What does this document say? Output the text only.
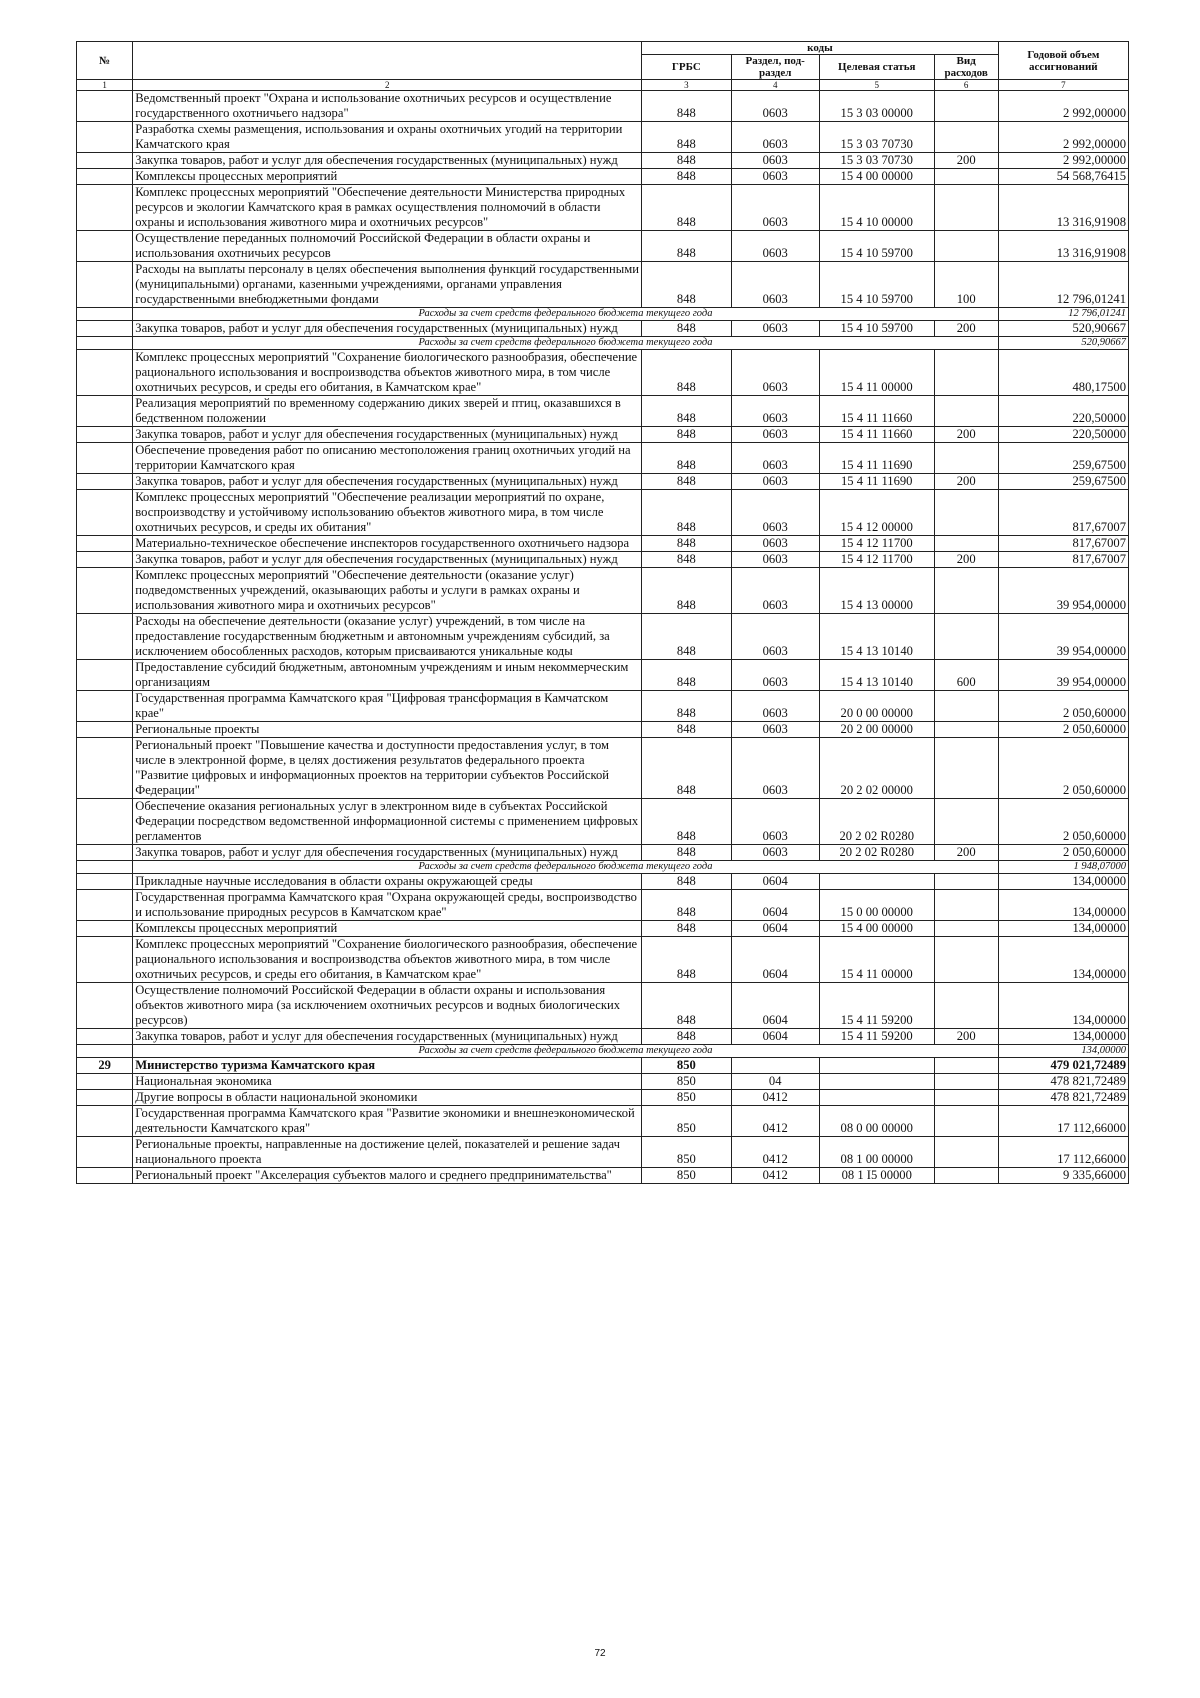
№		коды				Годовой объем ассигнований
		ГРБС	Раздел, под-раздел	Целевая статья	Вид расходов	
1	2	3	4	5	6	7
	Ведомственный проект "Охрана и использование охотничьих ресурсов и осуществление государственного охотничьего надзора"	848	0603	15 3 03 00000		2 992,00000
	Разработка схемы размещения, использования и охраны охотничьих угодий на территории Камчатского края	848	0603	15 3 03 70730		2 992,00000
	Закупка товаров, работ и услуг для обеспечения государственных (муниципальных) нужд	848	0603	15 3 03 70730	200	2 992,00000
	Комплексы процессных мероприятий	848	0603	15 4 00 00000		54 568,76415
	Комплекс процессных мероприятий "Обеспечение деятельности Министерства природных ресурсов и экологии Камчатского края в рамках осуществления полномочий в области охраны и использования животного мира и охотничьих ресурсов"	848	0603	15 4 10 00000		13 316,91908
	Осуществление переданных полномочий Российской Федерации в области охраны и использования охотничьих ресурсов	848	0603	15 4 10 59700		13 316,91908
	Расходы на выплаты персоналу в целях обеспечения выполнения функций государственными (муниципальными) органами, казенными учреждениями, органами управления государственными внебюджетными фондами	848	0603	15 4 10 59700	100	12 796,01241
	Расходы за счет средств федерального бюджета текущего года					12 796,01241
	Закупка товаров, работ и услуг для обеспечения государственных (муниципальных) нужд	848	0603	15 4 10 59700	200	520,90667
	Расходы за счет средств федерального бюджета текущего года					520,90667
	Комплекс процессных мероприятий "Сохранение биологического разнообразия, обеспечение рационального использования и воспроизводства объектов животного мира, в том числе охотничьих ресурсов, и среды его обитания, в Камчатском крае"	848	0603	15 4 11 00000		480,17500
	Реализация мероприятий по временному содержанию диких зверей и птиц, оказавшихся в бедственном положении	848	0603	15 4 11 11660		220,50000
	Закупка товаров, работ и услуг для обеспечения государственных (муниципальных) нужд	848	0603	15 4 11 11660	200	220,50000
	Обеспечение проведения работ по описанию местоположения границ охотничьих угодий на территории Камчатского края	848	0603	15 4 11 11690		259,67500
	Закупка товаров, работ и услуг для обеспечения государственных (муниципальных) нужд	848	0603	15 4 11 11690	200	259,67500
	Комплекс процессных мероприятий "Обеспечение реализации мероприятий по охране, воспроизводству и устойчивому использованию объектов животного мира, в том числе охотничьих ресурсов, и среды их обитания"	848	0603	15 4 12 00000		817,67007
	Материально-техническое обеспечение инспекторов государственного охотничьего надзора	848	0603	15 4 12 11700		817,67007
	Закупка товаров, работ и услуг для обеспечения государственных (муниципальных) нужд	848	0603	15 4 12 11700	200	817,67007
	Комплекс процессных мероприятий "Обеспечение деятельности (оказание услуг) подведомственных учреждений, оказывающих работы и услуги в рамках охраны и использования животного мира и охотничьих ресурсов"	848	0603	15 4 13 00000		39 954,00000
	Расходы на обеспечение деятельности (оказание услуг) учреждений, в том числе на предоставление государственным бюджетным и автономным учреждениям субсидий, за исключением обособленных расходов, которым присваиваются уникальные коды	848	0603	15 4 13 10140		39 954,00000
	Предоставление субсидий бюджетным, автономным учреждениям и иным некоммерческим организациям	848	0603	15 4 13 10140	600	39 954,00000
	Государственная программа Камчатского края "Цифровая трансформация в Камчатском крае"	848	0603	20 0 00 00000		2 050,60000
	Региональные проекты	848	0603	20 2 00 00000		2 050,60000
	Региональный проект "Повышение качества и доступности предоставления услуг, в том числе в электронной форме, в целях достижения результатов федерального проекта "Развитие цифровых и информационных проектов на территории субъектов Российской Федерации"	848	0603	20 2 02 00000		2 050,60000
	Обеспечение оказания региональных услуг в электронном виде в субъектах Российской Федерации посредством ведомственной информационной системы с применением цифровых регламентов	848	0603	20 2 02 R0280		2 050,60000
	Закупка товаров, работ и услуг для обеспечения государственных (муниципальных) нужд	848	0603	20 2 02 R0280	200	2 050,60000
	Расходы за счет средств федерального бюджета текущего года					1 948,07000
	Прикладные научные исследования в области охраны окружающей среды	848	0604			134,00000
	Государственная программа Камчатского края "Охрана окружающей среды, воспроизводство и использование природных ресурсов в Камчатском крае"	848	0604	15 0 00 00000		134,00000
	Комплексы процессных мероприятий	848	0604	15 4 00 00000		134,00000
	Комплекс процессных мероприятий "Сохранение биологического разнообразия, обеспечение рационального использования и воспроизводства объектов животного мира, в том числе охотничьих ресурсов, и среды его обитания, в Камчатском крае"	848	0604	15 4 11 00000		134,00000
	Осуществление полномочий Российской Федерации в области охраны и использования объектов животного мира (за исключением охотничьих ресурсов и водных биологических ресурсов)	848	0604	15 4 11 59200		134,00000
	Закупка товаров, работ и услуг для обеспечения государственных (муниципальных) нужд	848	0604	15 4 11 59200	200	134,00000
	Расходы за счет средств федерального бюджета текущего года					134,00000
29	Министерство туризма Камчатского края	850				479 021,72489
	Национальная экономика	850	04			478 821,72489
	Другие вопросы в области национальной экономики	850	0412			478 821,72489
	Государственная программа Камчатского края "Развитие экономики и внешнеэкономической деятельности Камчатского края"	850	0412	08 0 00 00000		17 112,66000
	Региональные проекты, направленные на достижение целей, показателей и решение задач национального проекта	850	0412	08 1 00 00000		17 112,66000
	Региональный проект "Акселерация субъектов малого и среднего предпринимательства"	850	0412	08 1 I5 00000		9 335,66000
72
